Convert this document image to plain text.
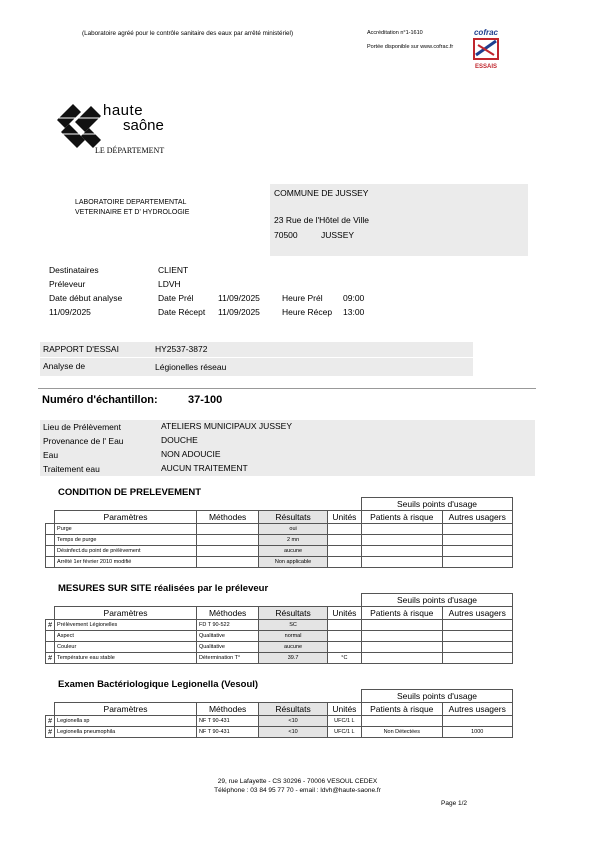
(Laboratoire agréé pour le contrôle sanitaire des eaux par arrêté ministériel)	Accréditation n°1-1610
Portée disponible sur www.cofrac.fr
cofrac
ESSAIS
haute
saône
LE DÉPARTEMENT
LABORATOIRE DEPARTEMENTAL
VETERINAIRE ET D' HYDROLOGIE
COMMUNE DE JUSSEY
23 Rue de l'Hôtel de Ville
70500	JUSSEY
Destinataires	CLIENT
Préleveur	LDVH
Date début analyse	Date Prél	11/09/2025	Heure Prél 09:00
11/09/2025	Date Récept 11/09/2025	Heure Récep 13:00
RAPPORT D'ESSAI	HY2537-3872
Analyse de	Légionelles réseau
Numéro d'échantillon:	37-100
Lieu de Prélèvement	ATELIERS MUNICIPAUX JUSSEY
Provenance de l' Eau	DOUCHE
Eau	NON ADOUCIE
Traitement eau	AUCUN TRAITEMENT
CONDITION DE PRELEVEMENT
					Seuils points d'usage	
	Paramètres	Méthodes	Résultats	Unités	Patients à risque	Autres usagers
	Purge		oui			
	Temps de purge		2 mn			
	Désinfect.du point de prélèvement		aucune			
	Arrêté 1er février 2010 modifié		Non applicable			
MESURES SUR SITE réalisées par le préleveur
					Seuils points d'usage	
	Paramètres	Méthodes	Résultats	Unités	Patients à risque	Autres usagers
#	Prélèvement Légionelles	FD T 90-522	SC			
	Aspect	Qualitative	normal			
	Couleur	Qualitative	aucune			
#	Température eau stable	Détermination T°	39.7	°C		
Examen Bactériologique Legionella (Vesoul)
					Seuils points d'usage	
	Paramètres	Méthodes	Résultats	Unités	Patients à risque	Autres usagers
#	Legionella sp	NF T 90-431	<10	UFC/1 L		
#	Legionella pneumophila	NF T 90-431	<10	UFC/1 L	Non Détectées	1000
29, rue Lafayette - CS 30296 - 70006 VESOUL CEDEX
Téléphone : 03 84 95 77 70 - email : ldvh@haute-saone.fr
Page 1/2
